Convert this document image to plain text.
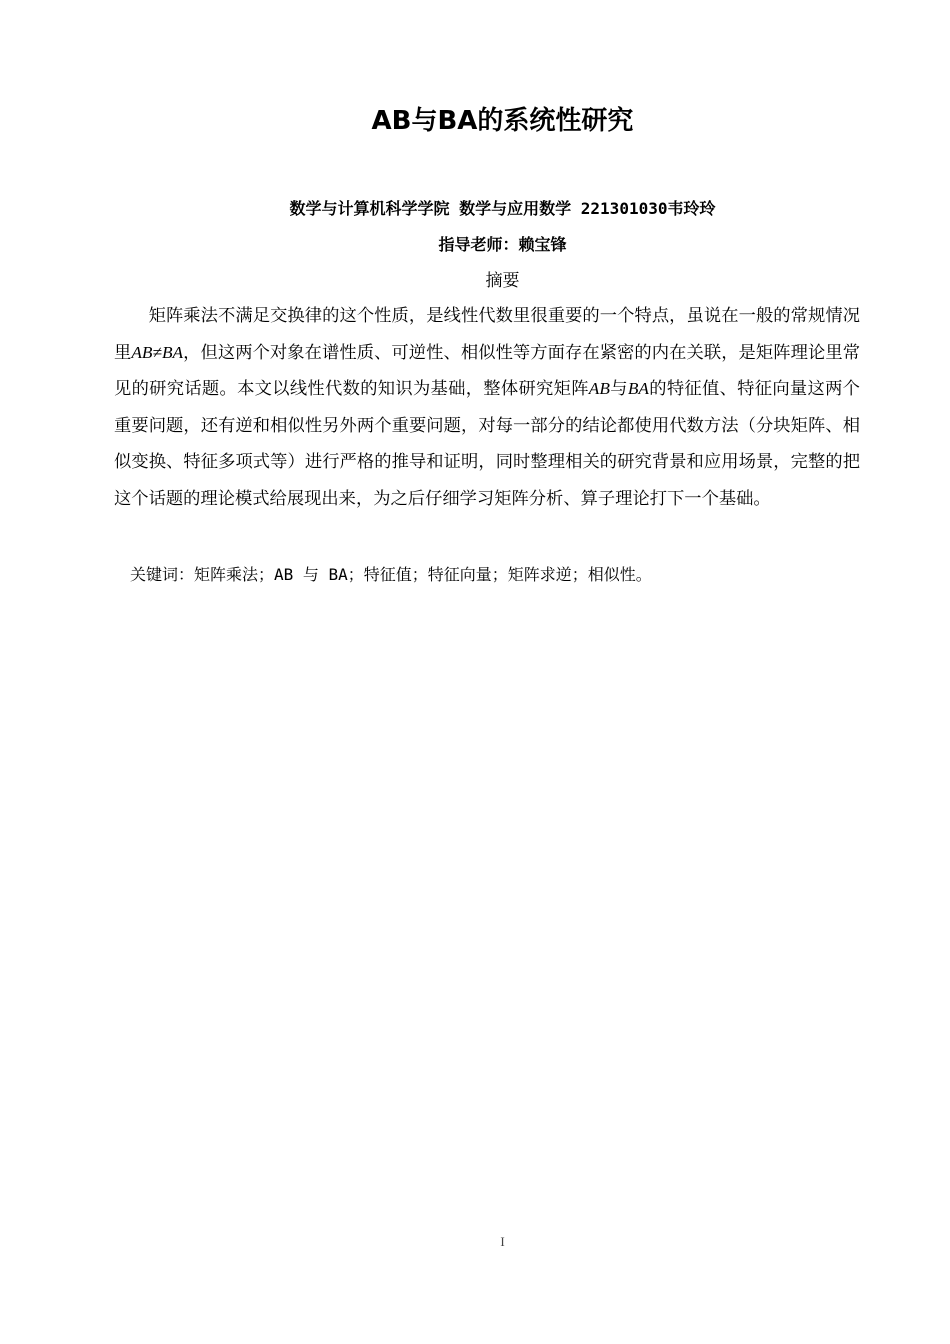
AB与BA的系统性研究
数学与计算机科学学院 数学与应用数学 221301030韦玲玲
指导老师：赖宝锋
摘要
矩阵乘法不满足交换律的这个性质，是线性代数里很重要的一个特点，虽说在一般的常规情况里AB≠BA，但这两个对象在谱性质、可逆性、相似性等方面存在紧密的内在关联，是矩阵理论里常见的研究话题。本文以线性代数的知识为基础，整体研究矩阵AB与BA的特征值、特征向量这两个重要问题，还有逆和相似性另外两个重要问题，对每一部分的结论都使用代数方法（分块矩阵、相似变换、特征多项式等）进行严格的推导和证明，同时整理相关的研究背景和应用场景，完整的把这个话题的理论模式给展现出来，为之后仔细学习矩阵分析、算子理论打下一个基础。
关键词：矩阵乘法；AB 与 BA；特征值；特征向量；矩阵求逆；相似性。
I
